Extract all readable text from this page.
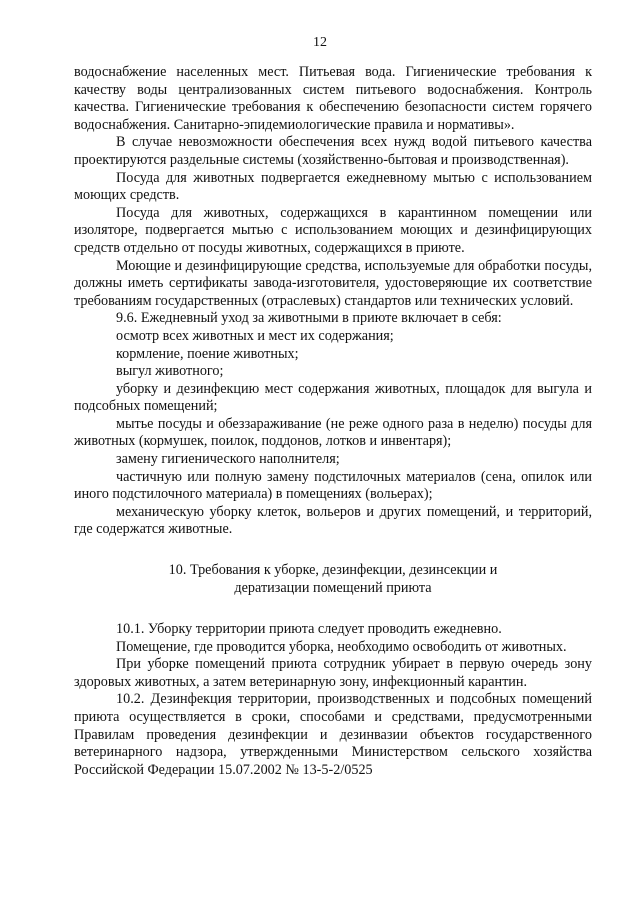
12

водоснабжение населенных мест. Питьевая вода. Гигиенические требования к качеству воды централизованных систем питьевого водоснабжения. Контроль качества. Гигиенические требования к обеспечению безопасности систем горячего водоснабжения. Санитарно-эпидемиологические правила и нормативы».

В случае невозможности обеспечения всех нужд водой питьевого качества проектируются раздельные системы (хозяйственно-бытовая и производственная).

Посуда для животных подвергается ежедневному мытью с использованием моющих средств.

Посуда для животных, содержащихся в карантинном помещении или изоляторе, подвергается мытью с использованием моющих и дезинфицирующих средств отдельно от посуды животных, содержащихся в приюте.

Моющие и дезинфицирующие средства, используемые для обработки посуды, должны иметь сертификаты завода-изготовителя, удостоверяющие их соответствие требованиям государственных (отраслевых) стандартов или технических условий.

9.6. Ежедневный уход за животными в приюте включает в себя:

осмотр всех животных и мест их содержания;

кормление, поение животных;

выгул животного;

уборку и дезинфекцию мест содержания животных, площадок для выгула и подсобных помещений;

мытье посуды и обеззараживание (не реже одного раза в неделю) посуды для животных (кормушек, поилок, поддонов, лотков и инвентаря);

замену гигиенического наполнителя;

частичную или полную замену подстилочных материалов (сена, опилок или иного подстилочного материала) в помещениях (вольерах);

механическую уборку клеток, вольеров и других помещений, и территорий, где содержатся животные.

10. Требования к уборке, дезинфекции, дезинсекции и
дератизации помещений приюта

10.1. Уборку территории приюта следует проводить ежедневно.

Помещение, где проводится уборка, необходимо освободить от животных.

При уборке помещений приюта сотрудник убирает в первую очередь зону здоровых животных, а затем ветеринарную зону, инфекционный карантин.

10.2. Дезинфекция территории, производственных и подсобных помещений приюта осуществляется в сроки, способами и средствами, предусмотренными Правилам проведения дезинфекции и дезинвазии объектов государственного ветеринарного надзора, утвержденными Министерством сельского хозяйства Российской Федерации 15.07.2002 № 13-5-2/0525
